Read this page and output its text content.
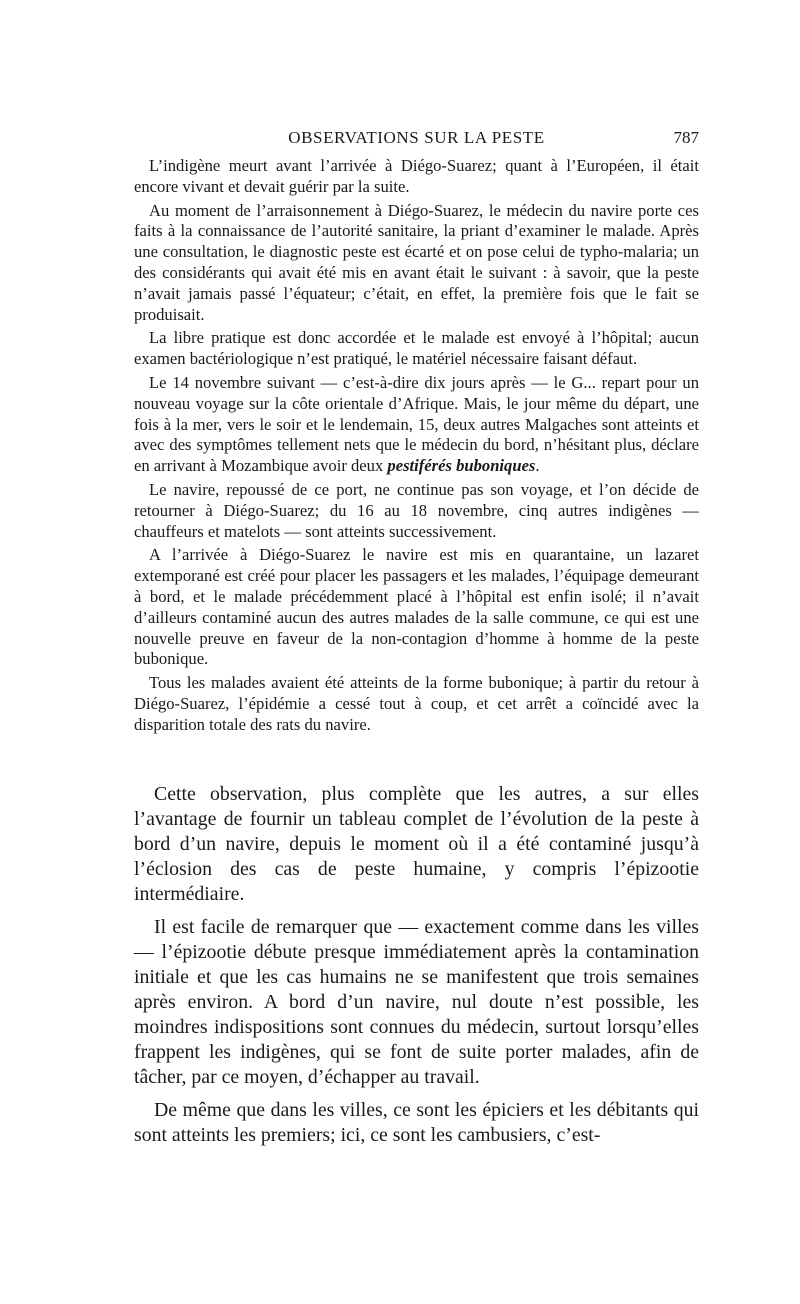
OBSERVATIONS SUR LA PESTE	787

L’indigène meurt avant l’arrivée à Diégo-Suarez; quant à l’Européen, il était encore vivant et devait guérir par la suite.

Au moment de l’arraisonnement à Diégo-Suarez, le médecin du navire porte ces faits à la connaissance de l’autorité sanitaire, la priant d’examiner le malade. Après une consultation, le diagnostic peste est écarté et on pose celui de typho-malaria; un des considérants qui avait été mis en avant était le suivant : à savoir, que la peste n’avait jamais passé l’équateur; c’était, en effet, la première fois que le fait se produisait.

La libre pratique est donc accordée et le malade est envoyé à l’hôpital; aucun examen bactériologique n’est pratiqué, le matériel nécessaire faisant défaut.

Le 14 novembre suivant — c’est-à-dire dix jours après — le G... repart pour un nouveau voyage sur la côte orientale d’Afrique. Mais, le jour même du départ, une fois à la mer, vers le soir et le lendemain, 15, deux autres Malgaches sont atteints et avec des symptômes tellement nets que le médecin du bord, n’hésitant plus, déclare en arrivant à Mozambique avoir deux pestiférés buboniques.

Le navire, repoussé de ce port, ne continue pas son voyage, et l’on décide de retourner à Diégo-Suarez; du 16 au 18 novembre, cinq autres indigènes — chauffeurs et matelots — sont atteints successivement.

A l’arrivée à Diégo-Suarez le navire est mis en quarantaine, un lazaret extemporané est créé pour placer les passagers et les malades, l’équipage demeurant à bord, et le malade précédemment placé à l’hôpital est enfin isolé; il n’avait d’ailleurs contaminé aucun des autres malades de la salle commune, ce qui est une nouvelle preuve en faveur de la non-contagion d’homme à homme de la peste bubonique.

Tous les malades avaient été atteints de la forme bubonique; à partir du retour à Diégo-Suarez, l’épidémie a cessé tout à coup, et cet arrêt a coïncidé avec la disparition totale des rats du navire.

Cette observation, plus complète que les autres, a sur elles l’avantage de fournir un tableau complet de l’évolution de la peste à bord d’un navire, depuis le moment où il a été contaminé jusqu’à l’éclosion des cas de peste humaine, y compris l’épizootie intermédiaire.

Il est facile de remarquer que — exactement comme dans les villes — l’épizootie débute presque immédiatement après la contamination initiale et que les cas humains ne se manifestent que trois semaines après environ. A bord d’un navire, nul doute n’est possible, les moindres indispositions sont connues du médecin, surtout lorsqu’elles frappent les indigènes, qui se font de suite porter malades, afin de tâcher, par ce moyen, d’échapper au travail.

De même que dans les villes, ce sont les épiciers et les débitants qui sont atteints les premiers; ici, ce sont les cambusiers, c’est-
